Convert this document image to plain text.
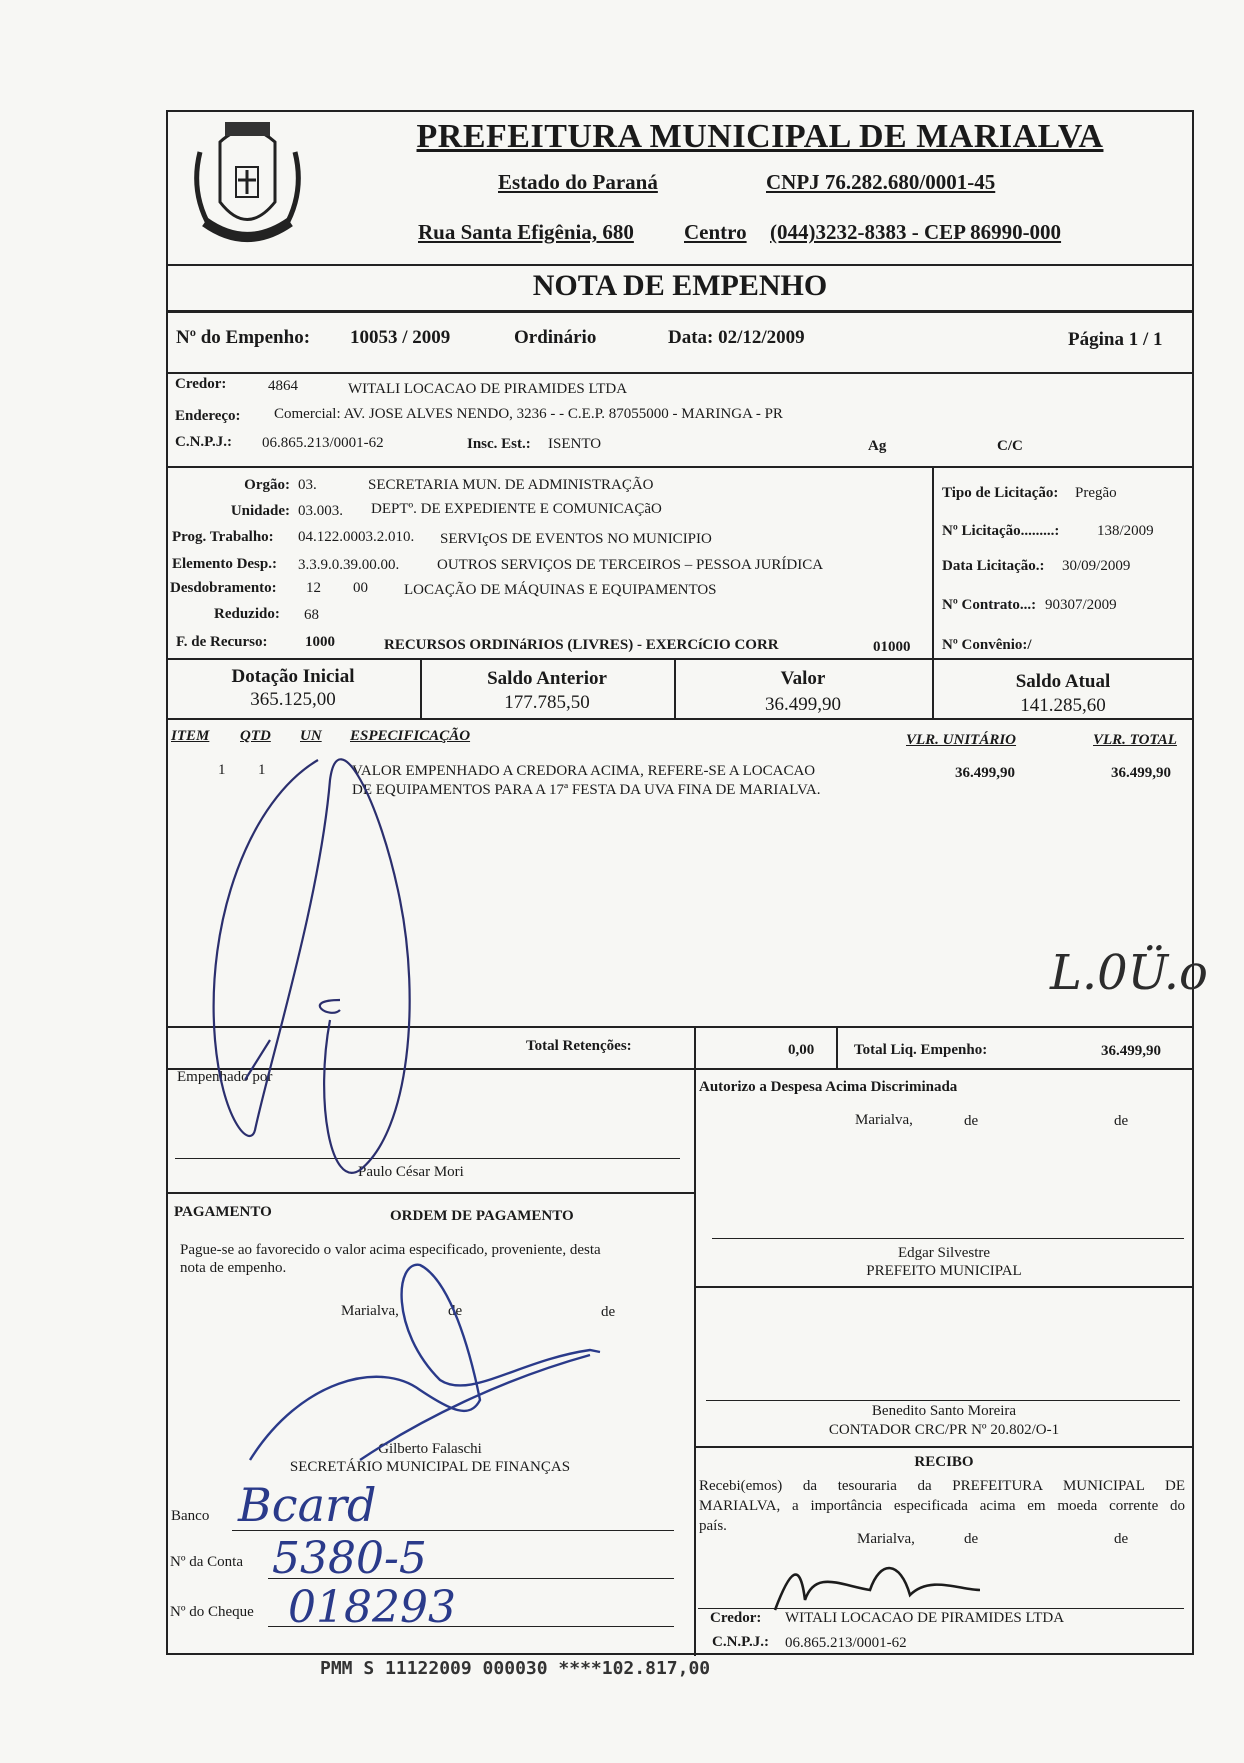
PREFEITURA MUNICIPAL DE MARIALVA
Estado do Paraná	CNPJ 76.282.680/0001-45
Rua Santa Efigênia, 680 Centro (044)3232-8383 - CEP 86990-000
NOTA DE EMPENHO
Nº do Empenho: 10053 / 2009	Ordinário	Data: 02/12/2009	Página 1 / 1
Credor:	4864	WITALI LOCACAO DE PIRAMIDES LTDA
Endereço: Comercial: AV. JOSE ALVES NENDO, 3236 - - C.E.P. 87055000 - MARINGA - PR
C.N.P.J.: 06.865.213/0001-62	Insc. Est.: ISENTO	Ag	C/C
Orgão: 03.	SECRETARIA MUN. DE ADMINISTRAÇÃO
Unidade: 03.003. DEPTº. DE EXPEDIENTE E COMUNICAÇãO
Prog. Trabalho: 04.122.0003.2.010. SERVIçOS DE EVENTOS NO MUNICIPIO
Elemento Desp.: 3.3.9.0.39.00.00.	OUTROS SERVIÇOS DE TERCEIROS – PESSOA JURÍDICA
Desdobramento: 12 00 LOCAÇÃO DE MÁQUINAS E EQUIPAMENTOS
Reduzido: 68
F. de Recurso: 1000	RECURSOS ORDINáRIOS (LIVRES) - EXERCíCIO CORR	01000
Tipo de Licitação: Pregão
Nº Licitação.........:	138/2009
Data Licitação.: 30/09/2009
Nº Contrato...: 90307/2009
Nº Convênio:/
Dotação Inicial
365.125,00
Saldo Anterior
177.785,50
Valor
36.499,90
Saldo Atual
141.285,60
ITEM QTD UN ESPECIFICAÇÃO	VLR. UNITÁRIO	VLR. TOTAL
1 1	VALOR EMPENHADO A CREDORA ACIMA, REFERE-SE A LOCACAO
DE EQUIPAMENTOS PARA A 17ª FESTA DA UVA FINA DE MARIALVA.
36.499,90	36.499,90
L.0Ü.o
Total Retenções:	0,00	Total Liq. Empenho:	36.499,90
Empenhado por
Paulo César Mori
Autorizo a Despesa Acima Discriminada
Marialva,	de	de
Edgar Silvestre
PREFEITO MUNICIPAL
Benedito Santo Moreira
CONTADOR CRC/PR Nº 20.802/O-1
RECIBO
Recebi(emos) da tesouraria da PREFEITURA MUNICIPAL DE
MARIALVA, a importância especificada acima em moeda corrente do
país.
Marialva,	de	de
Credor: WITALI LOCACAO DE PIRAMIDES LTDA
C.N.P.J.: 06.865.213/0001-62
PAGAMENTO	ORDEM DE PAGAMENTO
Pague-se ao favorecido o valor acima especificado, proveniente, desta
nota de empenho.
Marialva,	de	de
Gilberto Falaschi
SECRETÁRIO MUNICIPAL DE FINANÇAS
Banco Bcard
Nº da Conta 5380-5
Nº do Cheque 018293
PMM S 11122009 000030 ****102.817,00
